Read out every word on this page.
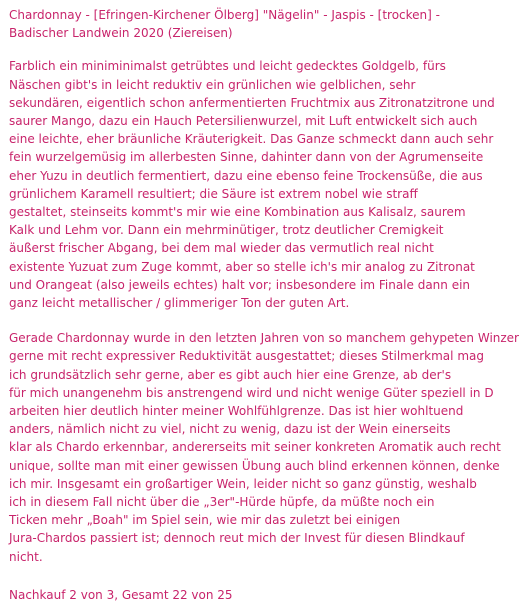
Chardonnay - [Efringen-Kirchener Ölberg] "Nägelin" - Jaspis - [trocken] -
Badischer Landwein 2020 (Ziereisen)
Farblich ein miniminimalst getrübtes und leicht gedecktes Goldgelb, fürs
Näschen gibt's in leicht reduktiv ein grünlichen wie gelblichen, sehr
sekundären, eigentlich schon anfermentierten Fruchtmix aus Zitronatzitrone und
saurer Mango, dazu ein Hauch Petersilienwurzel, mit Luft entwickelt sich auch
eine leichte, eher bräunliche Kräuterigkeit. Das Ganze schmeckt dann auch sehr
fein wurzelgemüsig im allerbesten Sinne, dahinter dann von der Agrumenseite
eher Yuzu in deutlich fermentiert, dazu eine ebenso feine Trockensüße, die aus
grünlichem Karamell resultiert; die Säure ist extrem nobel wie straff
gestaltet, steinseits kommt's mir wie eine Kombination aus Kalisalz, saurem
Kalk und Lehm vor. Dann ein mehrminütiger, trotz deutlicher Cremigkeit
äußerst frischer Abgang, bei dem mal wieder das vermutlich real nicht
existente Yuzuat zum Zuge kommt, aber so stelle ich's mir analog zu Zitronat
und Orangeat (also jeweils echtes) halt vor; insbesondere im Finale dann ein
ganz leicht metallischer / glimmeriger Ton der guten Art.
Gerade Chardonnay wurde in den letzten Jahren von so manchem gehypeten Winzer
gerne mit recht expressiver Reduktivität ausgestattet; dieses Stilmerkmal mag
ich grundsätzlich sehr gerne, aber es gibt auch hier eine Grenze, ab der's
für mich unangenehm bis anstrengend wird und nicht wenige Güter speziell in D
arbeiten hier deutlich hinter meiner Wohlfühlgrenze. Das ist hier wohltuend
anders, nämlich nicht zu viel, nicht zu wenig, dazu ist der Wein einerseits
klar als Chardo erkennbar, andererseits mit seiner konkreten Aromatik auch recht
unique, sollte man mit einer gewissen Übung auch blind erkennen können, denke
ich mir. Insgesamt ein großartiger Wein, leider nicht so ganz günstig, weshalb
ich in diesem Fall nicht über die „3er"-Hürde hüpfe, da müßte noch ein
Ticken mehr „Boah" im Spiel sein, wie mir das zuletzt bei einigen
Jura-Chardos passiert ist; dennoch reut mich der Invest für diesen Blindkauf
nicht.
Nachkauf 2 von 3, Gesamt 22 von 25
